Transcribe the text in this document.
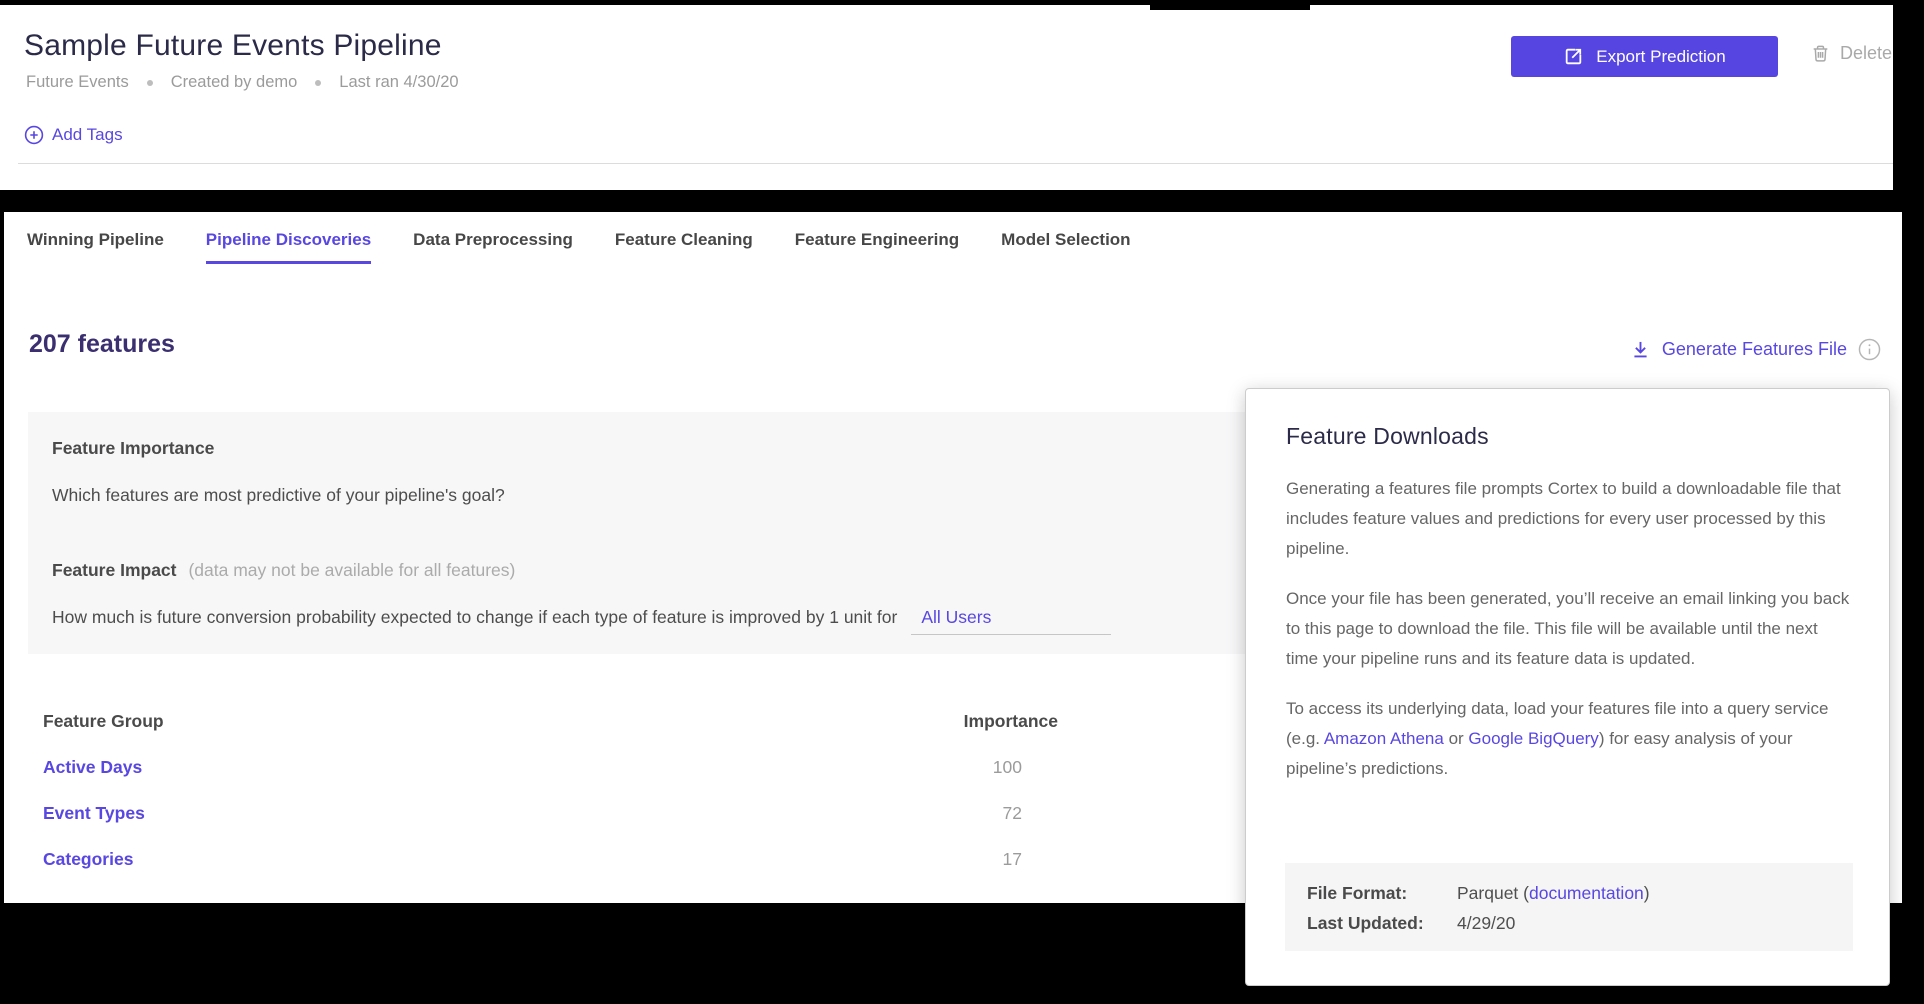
Sample Future Events Pipeline
Future Events	Created by demo	Last ran 4/30/20
Add Tags
Export Prediction	Delete
Winning Pipeline Pipeline Discoveries Data Preprocessing Feature Cleaning Feature Engineering Model Selection
207 features	Generate Features File
Feature Importance
Which features are most predictive of your pipeline's goal?
Feature Impact (data may not be available for all features)
How much is future conversion probability expected to change if each type of feature is improved by 1 unit for	All Users
Feature Group	Importance
Active Days	100
Event Types	72
Categories	17
Feature Downloads

Generating a features file prompts Cortex to build a downloadable file that includes feature values and predictions for every user processed by this pipeline.

Once your file has been generated, you’ll receive an email linking you back to this page to download the file. This file will be available until the next time your pipeline runs and its feature data is updated.

To access its underlying data, load your features file into a query service (e.g. Amazon Athena or Google BigQuery) for easy analysis of your pipeline’s predictions.

File Format:	Parquet (documentation)
Last Updated:	4/29/20
